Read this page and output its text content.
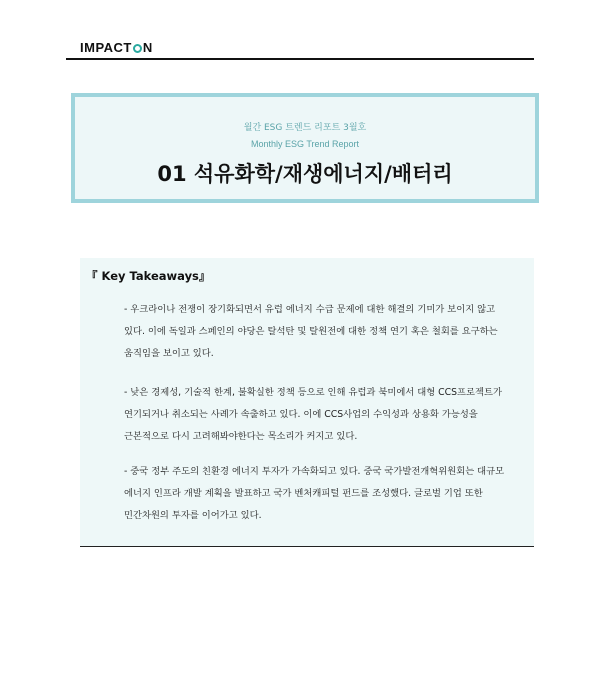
IMPACT N
월간 ESG 트렌드 리포트 3월호
Monthly ESG Trend Report
01 석유화학/재생에너지/배터리
『 Key Takeaways』
- 우크라이나 전쟁이 장기화되면서 유럽 에너지 수급 문제에 대한 해결의 기미가 보이지 않고
있다. 이에 독일과 스페인의 야당은 탈석탄 및 탈원전에 대한 정책 연기 혹은 철회를 요구하는
움직임을 보이고 있다.
- 낮은 경제성, 기술적 한계, 불확실한 정책 등으로 인해 유럽과 북미에서 대형 CCS프로젝트가
연기되거나 취소되는 사례가 속출하고 있다. 이에 CCS사업의 수익성과 상용화 가능성을
근본적으로 다시 고려해봐야한다는 목소리가 커지고 있다.
- 중국 정부 주도의 친환경 에너지 투자가 가속화되고 있다. 중국 국가발전개혁위원회는 대규모
에너지 인프라 개발 계획을 발표하고 국가 벤처캐피털 펀드를 조성했다. 글로벌 기업 또한
민간차원의 투자를 이어가고 있다.
